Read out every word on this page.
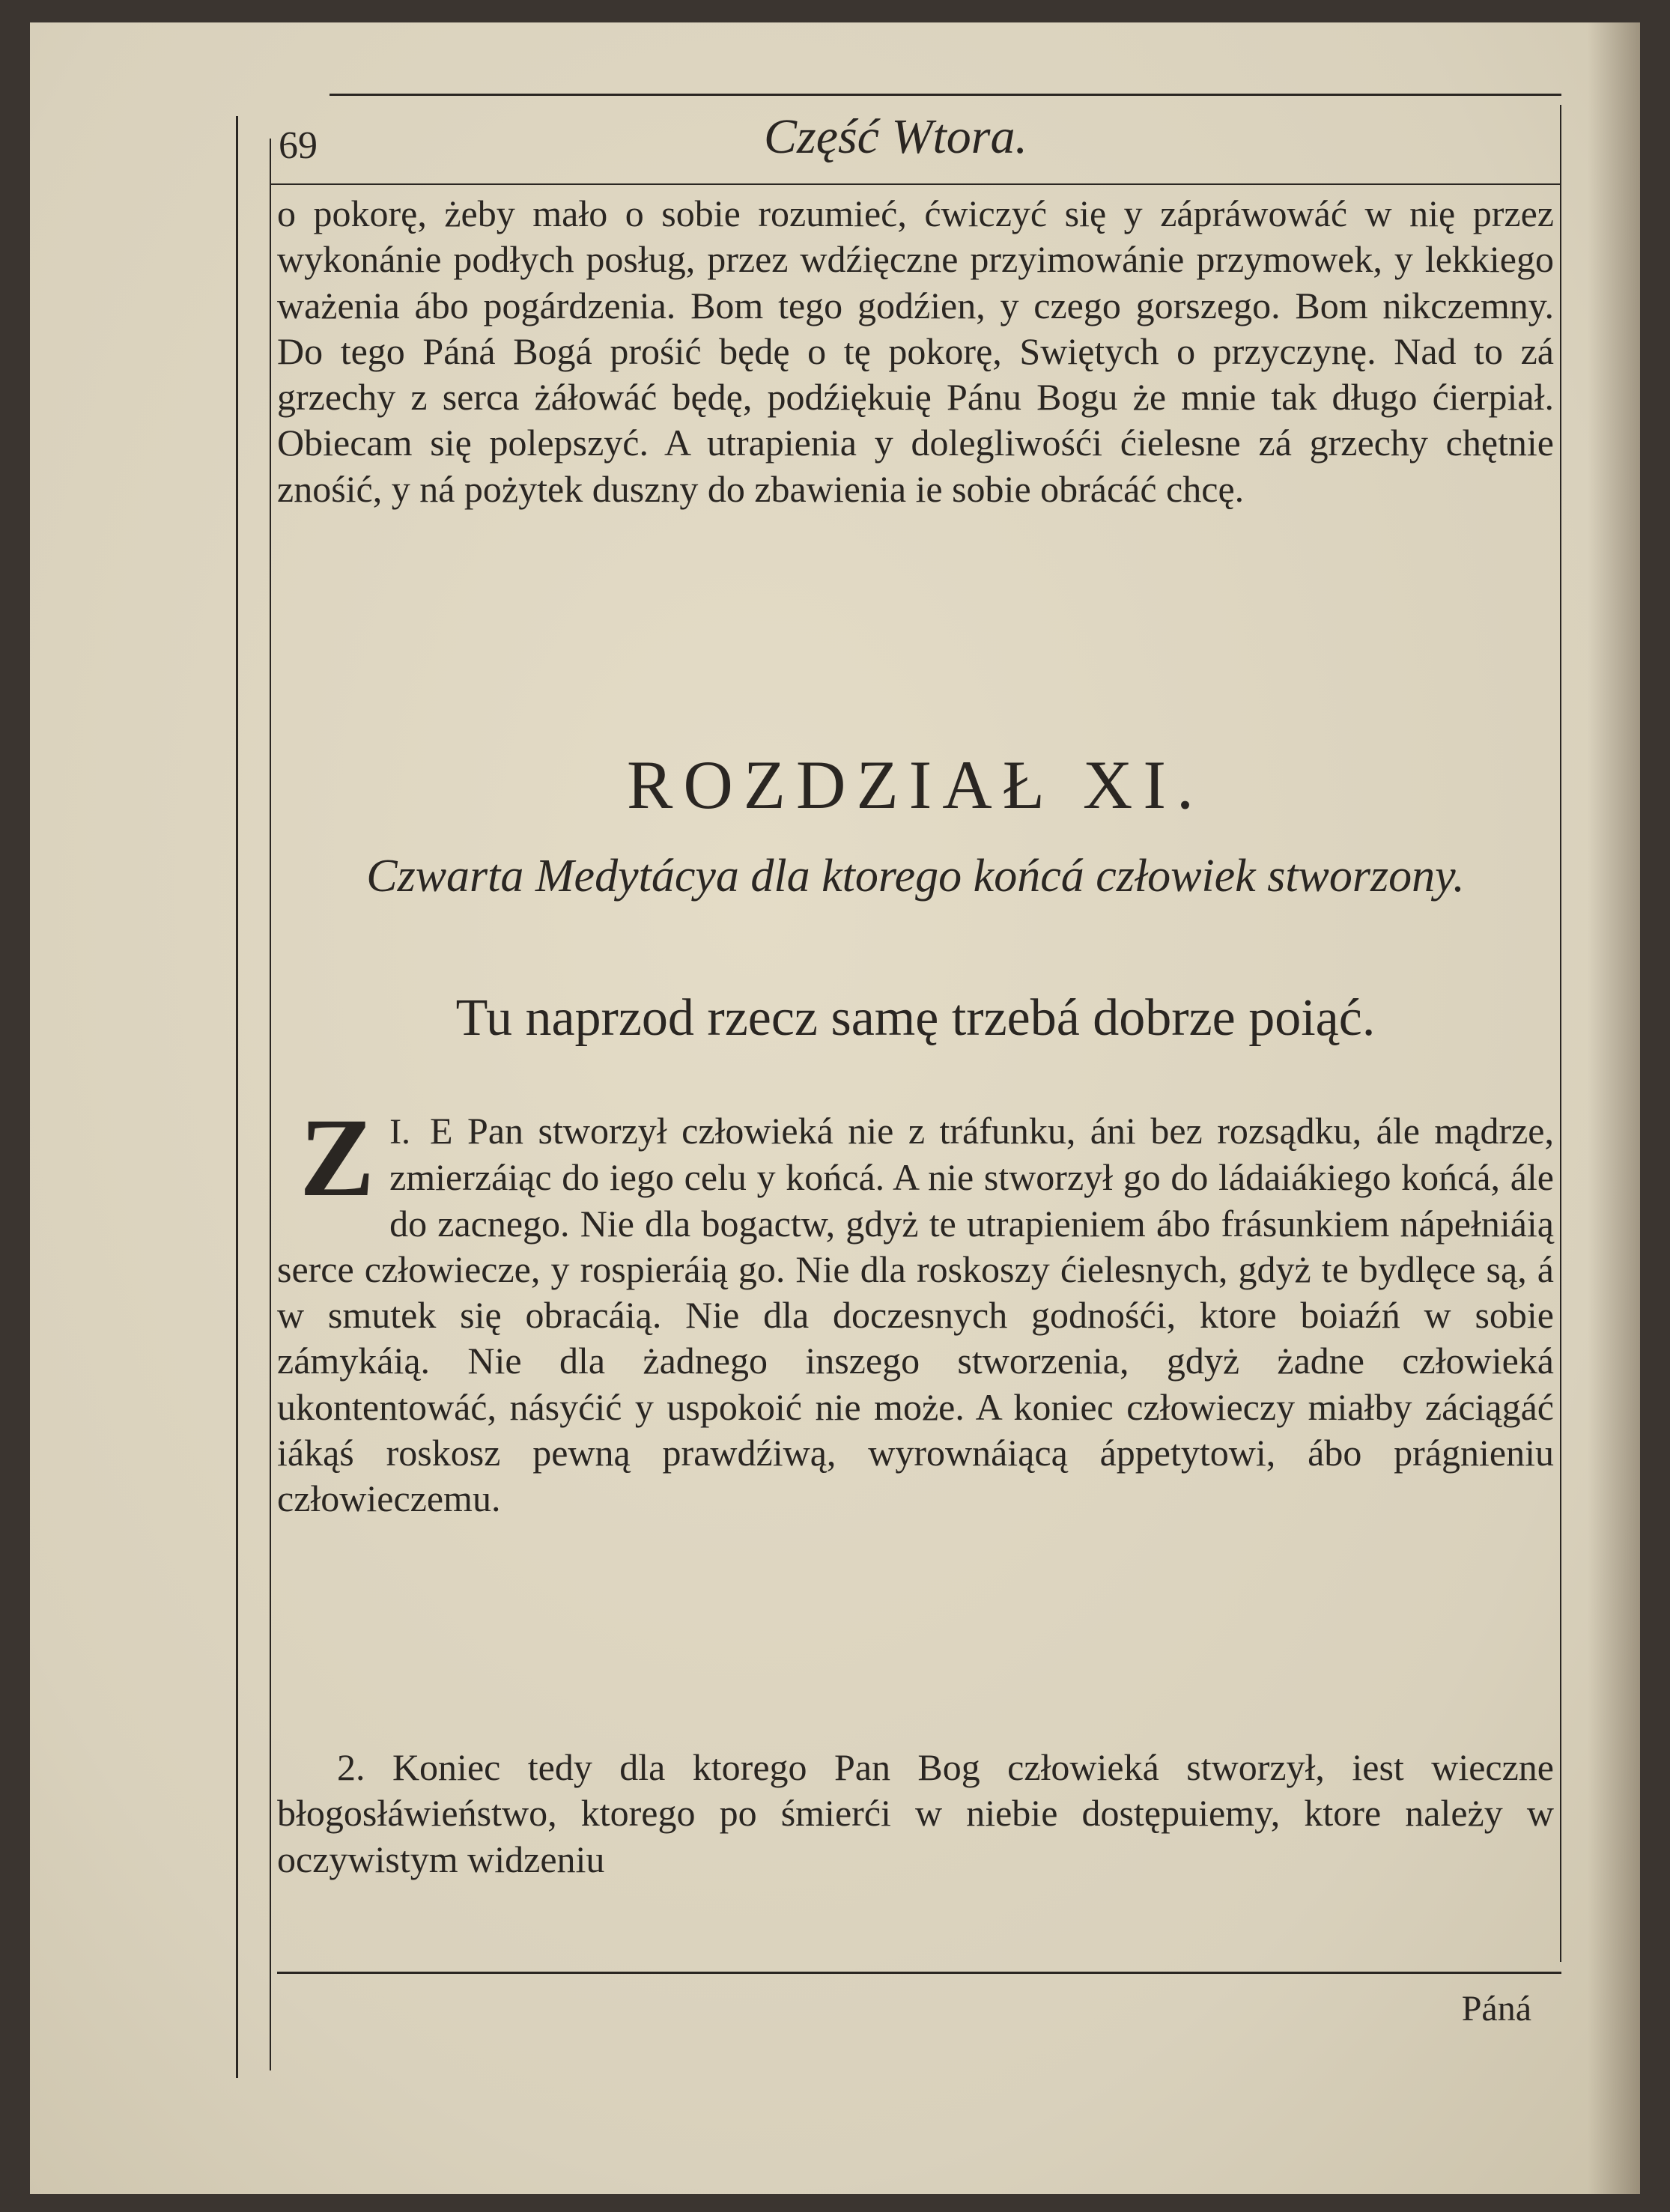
69	Część Wtora.
o pokorę, żeby mało o sobie rozumieć, ćwiczyć się y zápráwowáć w nię przez wykonánie podłych posług, przez wdźięczne przyimowánie przymowek, y lekkiego ważenia ábo pogárdzenia. Bom tego godźien, y czego gorszego. Bom nikczemny. Do tego Páná Bogá prośić będę o tę pokorę, Swiętych o przyczynę. Nad to zá grzechy z serca żáłowáć będę, podźiękuię Pánu Bogu że mnie tak długo ćierpiał. Obiecam się polepszyć. A utrapienia y dolegliwośći ćielesne zá grzechy chętnie znośić, y ná pożytek duszny do zbawienia ie sobie obrácáć chcę.
ROZDZIAŁ XI.
Czwarta Medytácya dla ktorego końcá człowiek stworzony.
Tu naprzod rzecz samę trzebá dobrze poiąć.
I.
Z E Pan stworzył człowieká nie z tráfunku, áni bez rozsądku, ále mądrze, zmierzáiąc do iego celu y końcá. A nie stworzył go do ládaiákiego końcá, ále do zacnego. Nie dla bogactw, gdyż te utrapieniem ábo frásunkiem nápełniáią serce człowiecze, y rospieráią go. Nie dla roskoszy ćielesnych, gdyż te bydlęce są, á w smutek się obracáią. Nie dla doczesnych godnośći, ktore boiaźń w sobie zámykáią. Nie dla żadnego inszego stworzenia, gdyż żadne człowieká ukontentowáć, násyćić y uspokoić nie może. A koniec człowieczy miałby záciągáć iákąś roskosz pewną prawdźiwą, wyrownáiącą áppetytowi, ábo prágnieniu człowieczemu.
2. Koniec tedy dla ktorego Pan Bog człowieká stworzył, iest wieczne błogosłáwieństwo, ktorego po śmierći w niebie dostępuiemy, ktore należy w oczywistym widzeniu
Páná
